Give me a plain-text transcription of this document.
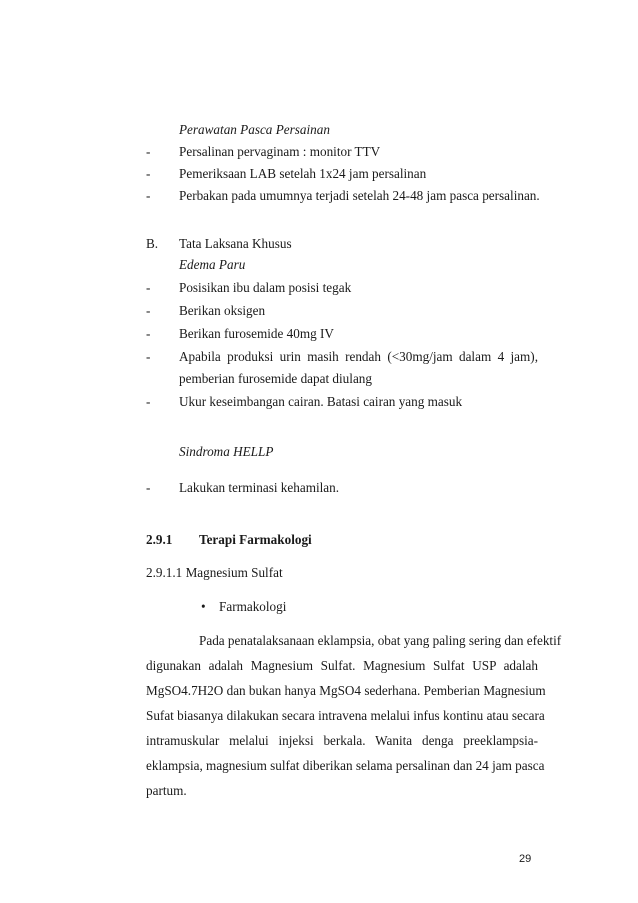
Perawatan Pasca Persainan
- Persalinan pervaginam : monitor TTV
- Pemeriksaan LAB setelah 1x24 jam persalinan
- Perbakan pada umumnya terjadi setelah 24-48 jam pasca persalinan.
B. Tata Laksana Khusus
Edema Paru
- Posisikan ibu dalam posisi tegak
- Berikan oksigen
- Berikan furosemide 40mg IV
- Apabila produksi urin masih rendah (<30mg/jam dalam 4 jam),
pemberian furosemide dapat diulang
- Ukur keseimbangan cairan. Batasi cairan yang masuk
Sindroma HELLP
- Lakukan terminasi kehamilan.
2.9.1 Terapi Farmakologi
2.9.1.1 Magnesium Sulfat
• Farmakologi
Pada penatalaksanaan eklampsia, obat yang paling sering dan efektif
digunakan adalah Magnesium Sulfat. Magnesium Sulfat USP adalah
MgSO4.7H2O dan bukan hanya MgSO4 sederhana. Pemberian Magnesium
Sufat biasanya dilakukan secara intravena melalui infus kontinu atau secara
intramuskular melalui injeksi berkala. Wanita denga preeklampsia-
eklampsia, magnesium sulfat diberikan selama persalinan dan 24 jam pasca
partum.
29
